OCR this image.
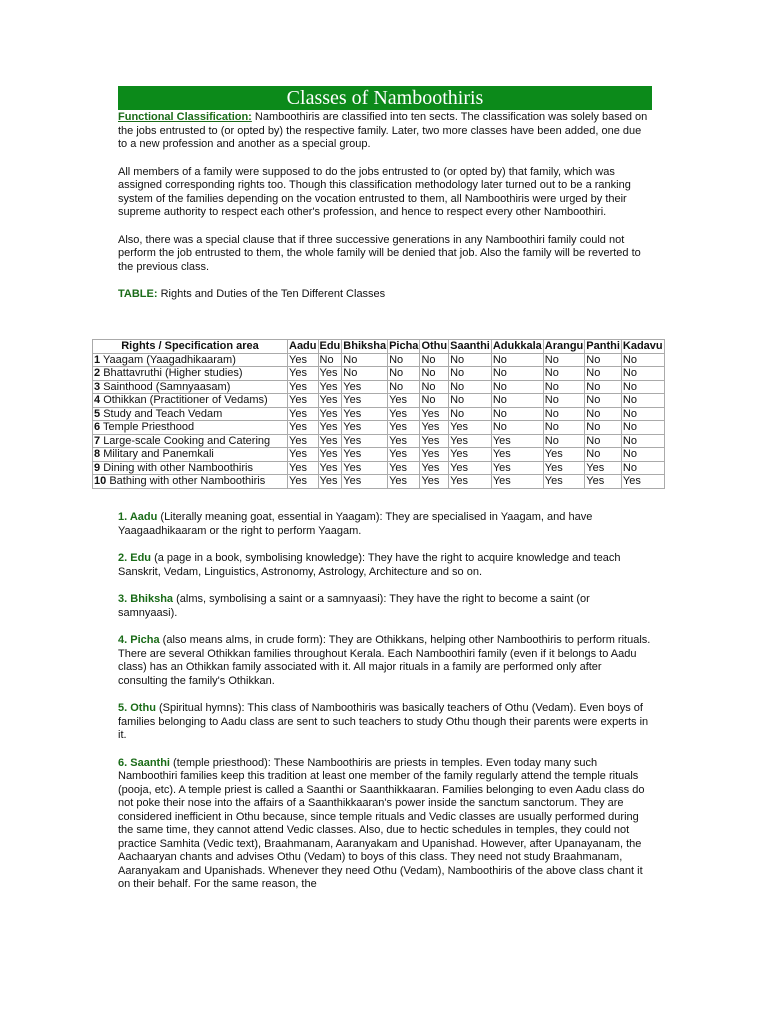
Classes of Namboothiris

Functional Classification: Namboothiris are classified into ten sects. The classification was solely based on the jobs entrusted to (or opted by) the respective family. Later, two more classes have been added, one due to a new profession and another as a special group.

All members of a family were supposed to do the jobs entrusted to (or opted by) that family, which was assigned corresponding rights too. Though this classification methodology later turned out to be a ranking system of the families depending on the vocation entrusted to them, all Namboothiris were urged by their supreme authority to respect each other's profession, and hence to respect every other Namboothiri.

Also, there was a special clause that if three successive generations in any Namboothiri family could not perform the job entrusted to them, the whole family will be denied that job. Also the family will be reverted to the previous class.

TABLE: Rights and Duties of the Ten Different Classes

Rights / Specification area	Aadu	Edu	Bhiksha	Picha	Othu	Saanthi	Adukkala	Arangu	Panthi	Kadavu
1 Yaagam (Yaagadhikaaram)	Yes	No	No	No	No	No	No	No	No	No
2 Bhattavruthi (Higher studies)	Yes	Yes	No	No	No	No	No	No	No	No
3 Sainthood (Samnyaasam)	Yes	Yes	Yes	No	No	No	No	No	No	No
4 Othikkan (Practitioner of Vedams)	Yes	Yes	Yes	Yes	No	No	No	No	No	No
5 Study and Teach Vedam	Yes	Yes	Yes	Yes	Yes	No	No	No	No	No
6 Temple Priesthood	Yes	Yes	Yes	Yes	Yes	Yes	No	No	No	No
7 Large-scale Cooking and Catering	Yes	Yes	Yes	Yes	Yes	Yes	Yes	No	No	No
8 Military and Panemkali	Yes	Yes	Yes	Yes	Yes	Yes	Yes	Yes	No	No
9 Dining with other Namboothiris	Yes	Yes	Yes	Yes	Yes	Yes	Yes	Yes	Yes	No
10 Bathing with other Namboothiris	Yes	Yes	Yes	Yes	Yes	Yes	Yes	Yes	Yes	Yes

1. Aadu (Literally meaning goat, essential in Yaagam): They are specialised in Yaagam, and have Yaagaadhikaaram or the right to perform Yaagam.

2. Edu (a page in a book, symbolising knowledge): They have the right to acquire knowledge and teach Sanskrit, Vedam, Linguistics, Astronomy, Astrology, Architecture and so on.

3. Bhiksha (alms, symbolising a saint or a samnyaasi): They have the right to become a saint (or samnyaasi).

4. Picha (also means alms, in crude form): They are Othikkans, helping other Namboothiris to perform rituals. There are several Othikkan families throughout Kerala. Each Namboothiri family (even if it belongs to Aadu class) has an Othikkan family associated with it. All major rituals in a family are performed only after consulting the family's Othikkan.

5. Othu (Spiritual hymns): This class of Namboothiris was basically teachers of Othu (Vedam). Even boys of families belonging to Aadu class are sent to such teachers to study Othu though their parents were experts in it.

6. Saanthi (temple priesthood): These Namboothiris are priests in temples. Even today many such Namboothiri families keep this tradition at least one member of the family regularly attend the temple rituals (pooja, etc). A temple priest is called a Saanthi or Saanthikkaaran. Families belonging to even Aadu class do not poke their nose into the affairs of a Saanthikkaaran's power inside the sanctum sanctorum. They are considered inefficient in Othu because, since temple rituals and Vedic classes are usually performed during the same time, they cannot attend Vedic classes. Also, due to hectic schedules in temples, they could not practice Samhita (Vedic text), Braahmanam, Aaranyakam and Upanishad. However, after Upanayanam, the Aachaaryan chants and advises Othu (Vedam) to boys of this class. They need not study Braahmanam, Aaranyakam and Upanishads. Whenever they need Othu (Vedam), Namboothiris of the above class chant it on their behalf. For the same reason, the
